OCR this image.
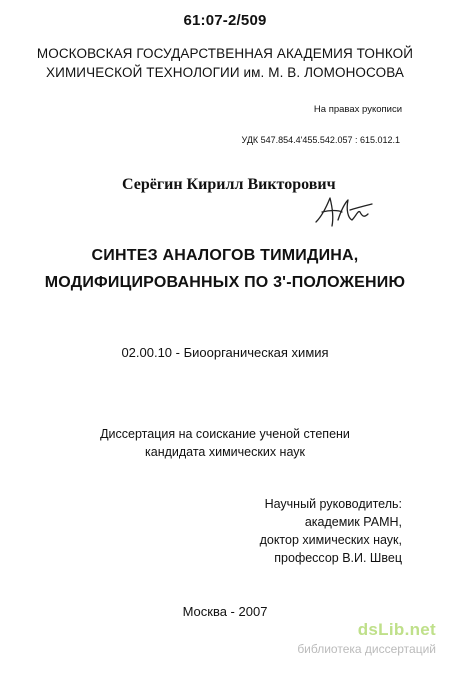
61:07-2/509
МОСКОВСКАЯ ГОСУДАРСТВЕННАЯ АКАДЕМИЯ ТОНКОЙ
ХИМИЧЕСКОЙ ТЕХНОЛОГИИ им. М. В. ЛОМОНОСОВА
На правах рукописи
УДК 547.854.4'455.542.057 : 615.012.1
Серёгин Кирилл Викторович
СИНТЕЗ АНАЛОГОВ ТИМИДИНА,
МОДИФИЦИРОВАННЫХ ПО 3'-ПОЛОЖЕНИЮ
02.00.10 - Биоорганическая химия
Диссертация на соискание ученой степени
кандидата химических наук
Научный руководитель:
академик РАМН,
доктор химических наук,
профессор В.И. Швец
Москва - 2007
dsLib.net
библиотека диссертаций
